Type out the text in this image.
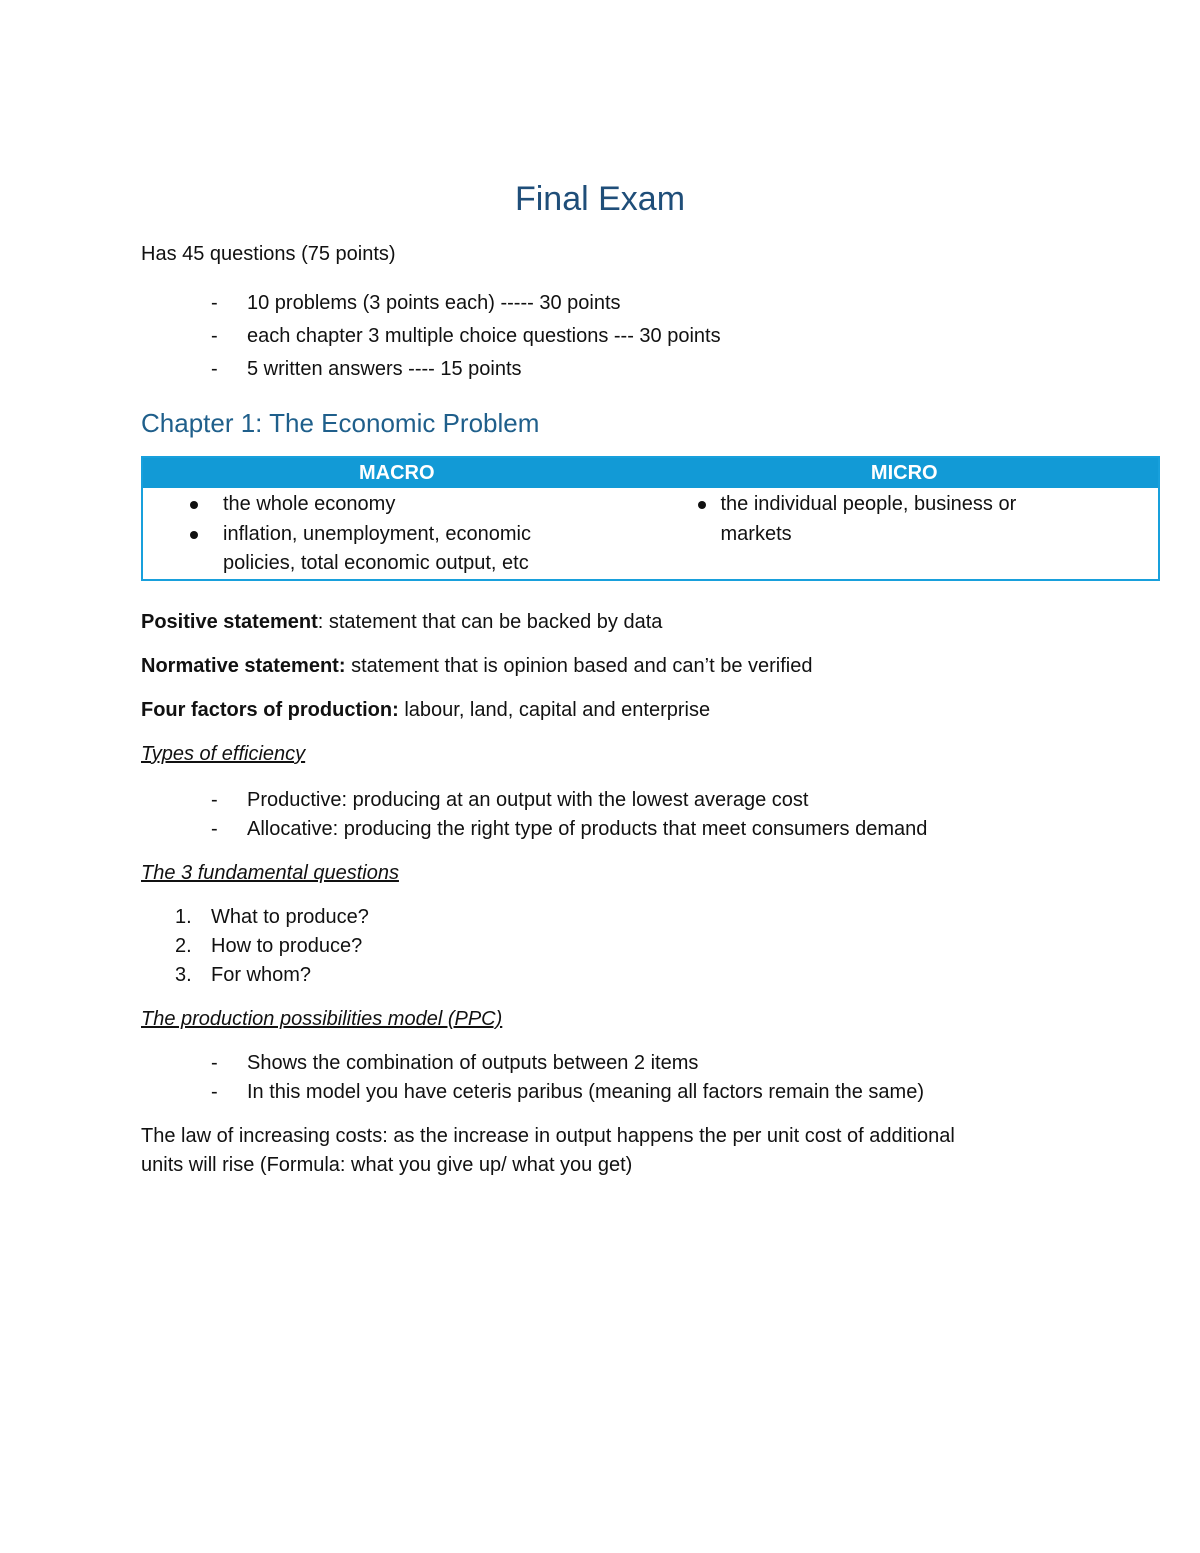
Final Exam

Has 45 questions (75 points)

- 10 problems (3 points each) ----- 30 points
- each chapter 3 multiple choice questions --- 30 points
- 5 written answers ---- 15 points
Chapter 1: The Economic Problem
MACRO	MICRO
the whole economy
inflation, unemployment, economic policies, total economic output, etc
the individual people, business or markets

Positive statement: statement that can be backed by data

Normative statement: statement that is opinion based and can’t be verified

Four factors of production: labour, land, capital and enterprise

Types of efficiency

- Productive: producing at an output with the lowest average cost
- Allocative: producing the right type of products that meet consumers demand

The 3 fundamental questions

1. What to produce?
2. How to produce?
3. For whom?

The production possibilities model (PPC)

- Shows the combination of outputs between 2 items
- In this model you have ceteris paribus (meaning all factors remain the same)

The law of increasing costs: as the increase in output happens the per unit cost of additional units will rise (Formula: what you give up/ what you get)
